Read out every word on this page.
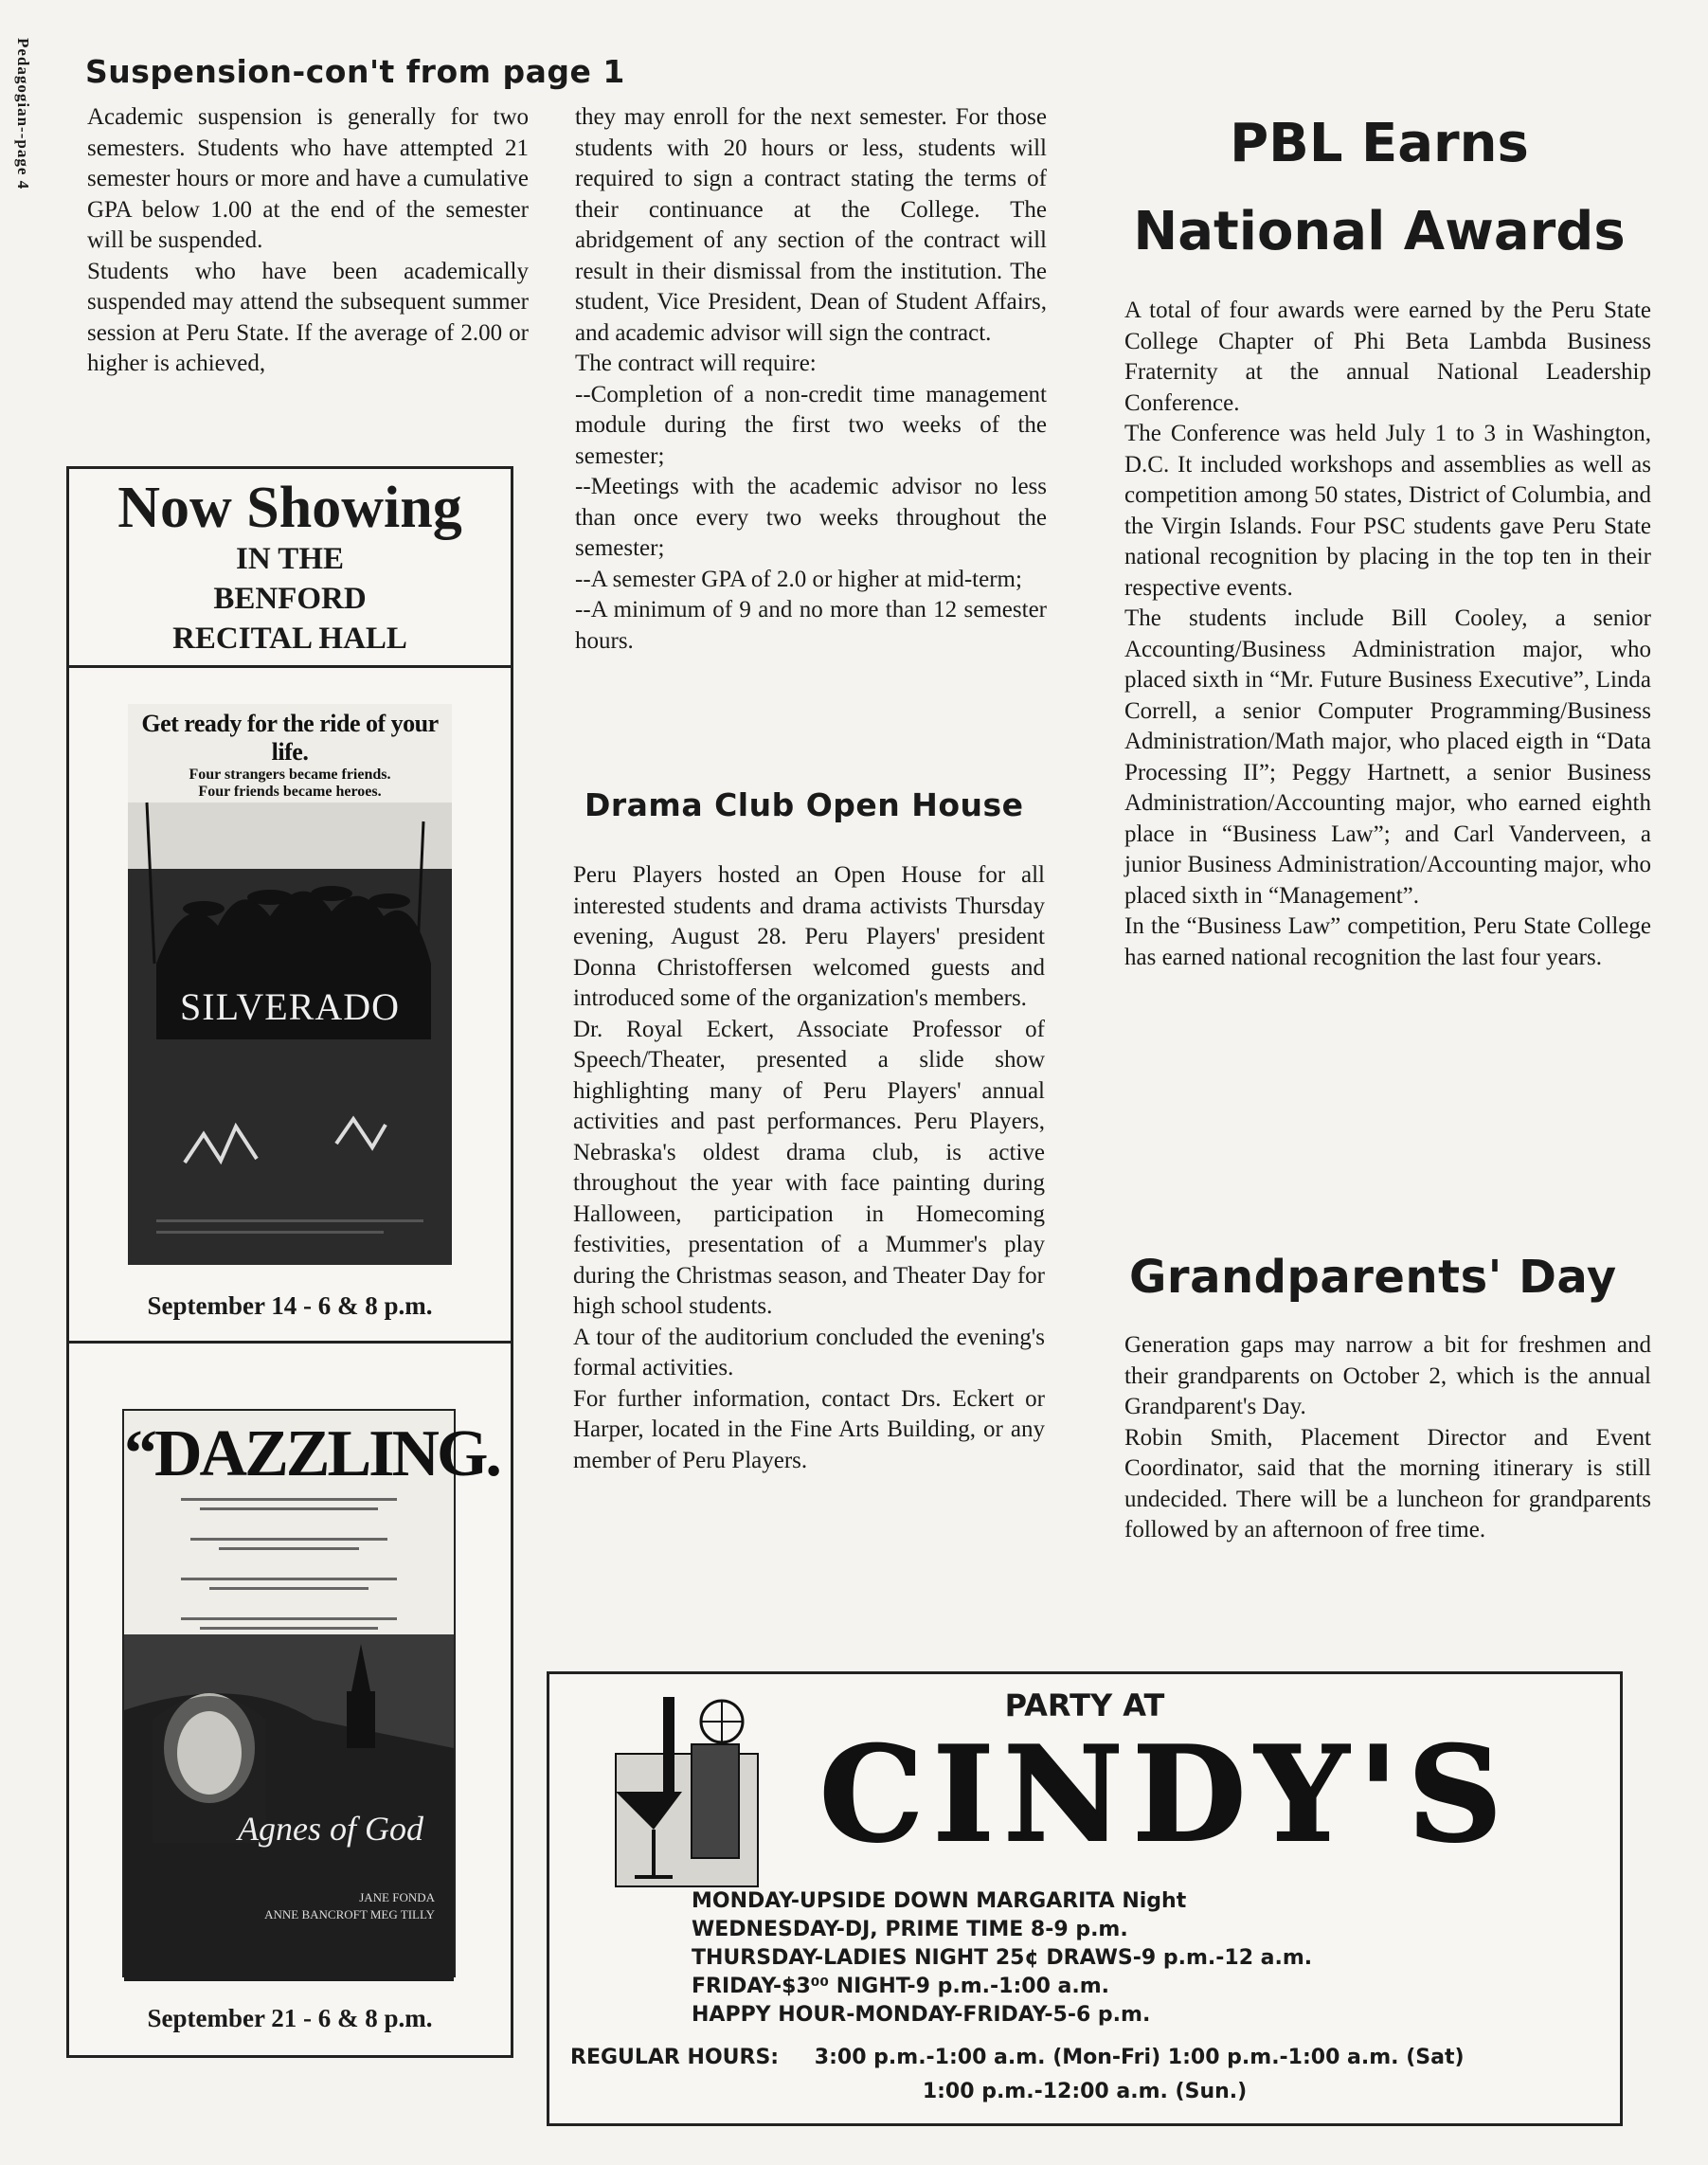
Pedagogian--page 4 Suspension-con't from page 1

Academic suspension is generally for two semesters. Students who have attempted 21 semester hours or more and have a cumulative GPA below 1.00 at the end of the semester will be suspended.

Students who have been academically suspended may attend the subsequent summer session at Peru State. If the average of 2.00 or higher is achieved,

they may enroll for the next semester. For those students with 20 hours or less, students will required to sign a contract stating the terms of their continuance at the College. The abridgement of any section of the contract will result in their dismissal from the institution. The student, Vice President, Dean of Student Affairs, and academic advisor will sign the contract.

The contract will require:

--Completion of a non-credit time management module during the first two weeks of the semester;

--Meetings with the academic advisor no less than once every two weeks throughout the semester;

--A semester GPA of 2.0 or higher at mid-term;

--A minimum of 9 and no more than 12 semester hours.

Now Showing
IN THE
BENFORD
RECITAL HALL
Get ready for the ride of your life.
Four strangers became friends.
Four friends became heroes.
SILVERADO
September 14 - 6 & 8 p.m.
“DAZZLING.
Agnes of God
JANE FONDA
ANNE BANCROFT MEG TILLY
September 21 - 6 & 8 p.m.
Drama Club Open House

Peru Players hosted an Open House for all interested students and drama activists Thursday evening, August 28. Peru Players' president Donna Christoffersen welcomed guests and introduced some of the organization's members.

Dr. Royal Eckert, Associate Professor of Speech/Theater, presented a slide show highlighting many of Peru Players' annual activities and past performances. Peru Players, Nebraska's oldest drama club, is active throughout the year with face painting during Halloween, participation in Homecoming festivities, presentation of a Mummer's play during the Christmas season, and Theater Day for high school students.

A tour of the auditorium concluded the evening's formal activities.

For further information, contact Drs. Eckert or Harper, located in the Fine Arts Building, or any member of Peru Players.

PBL Earns
National Awards

A total of four awards were earned by the Peru State College Chapter of Phi Beta Lambda Business Fraternity at the annual National Leadership Conference.

The Conference was held July 1 to 3 in Washington, D.C. It included workshops and assemblies as well as competition among 50 states, District of Columbia, and the Virgin Islands. Four PSC students gave Peru State national recognition by placing in the top ten in their respective events.

The students include Bill Cooley, a senior Accounting/Business Administration major, who placed sixth in “Mr. Future Business Executive”, Linda Correll, a senior Computer Programming/Business Administration/Math major, who placed eigth in “Data Processing II”; Peggy Hartnett, a senior Business Administration/Accounting major, who earned eighth place in “Business Law”; and Carl Vanderveen, a junior Business Administration/Accounting major, who placed sixth in “Management”.

In the “Business Law” competition, Peru State College has earned national recognition the last four years.

Grandparents' Day

Generation gaps may narrow a bit for freshmen and their grandparents on October 2, which is the annual Grandparent's Day.

Robin Smith, Placement Director and Event Coordinator, said that the morning itinerary is still undecided. There will be a luncheon for grandparents followed by an afternoon of free time.

PARTY AT
CINDY'S
MONDAY-UPSIDE DOWN MARGARITA Night
WEDNESDAY-DJ, PRIME TIME 8-9 p.m.
THURSDAY-LADIES NIGHT 25¢ DRAWS-9 p.m.-12 a.m.
FRIDAY-$3⁰⁰ NIGHT-9 p.m.-1:00 a.m.
HAPPY HOUR-MONDAY-FRIDAY-5-6 p.m.
REGULAR HOURS: 3:00 p.m.-1:00 a.m. (Mon-Fri) 1:00 p.m.-1:00 a.m. (Sat)
1:00 p.m.-12:00 a.m. (Sun.)
